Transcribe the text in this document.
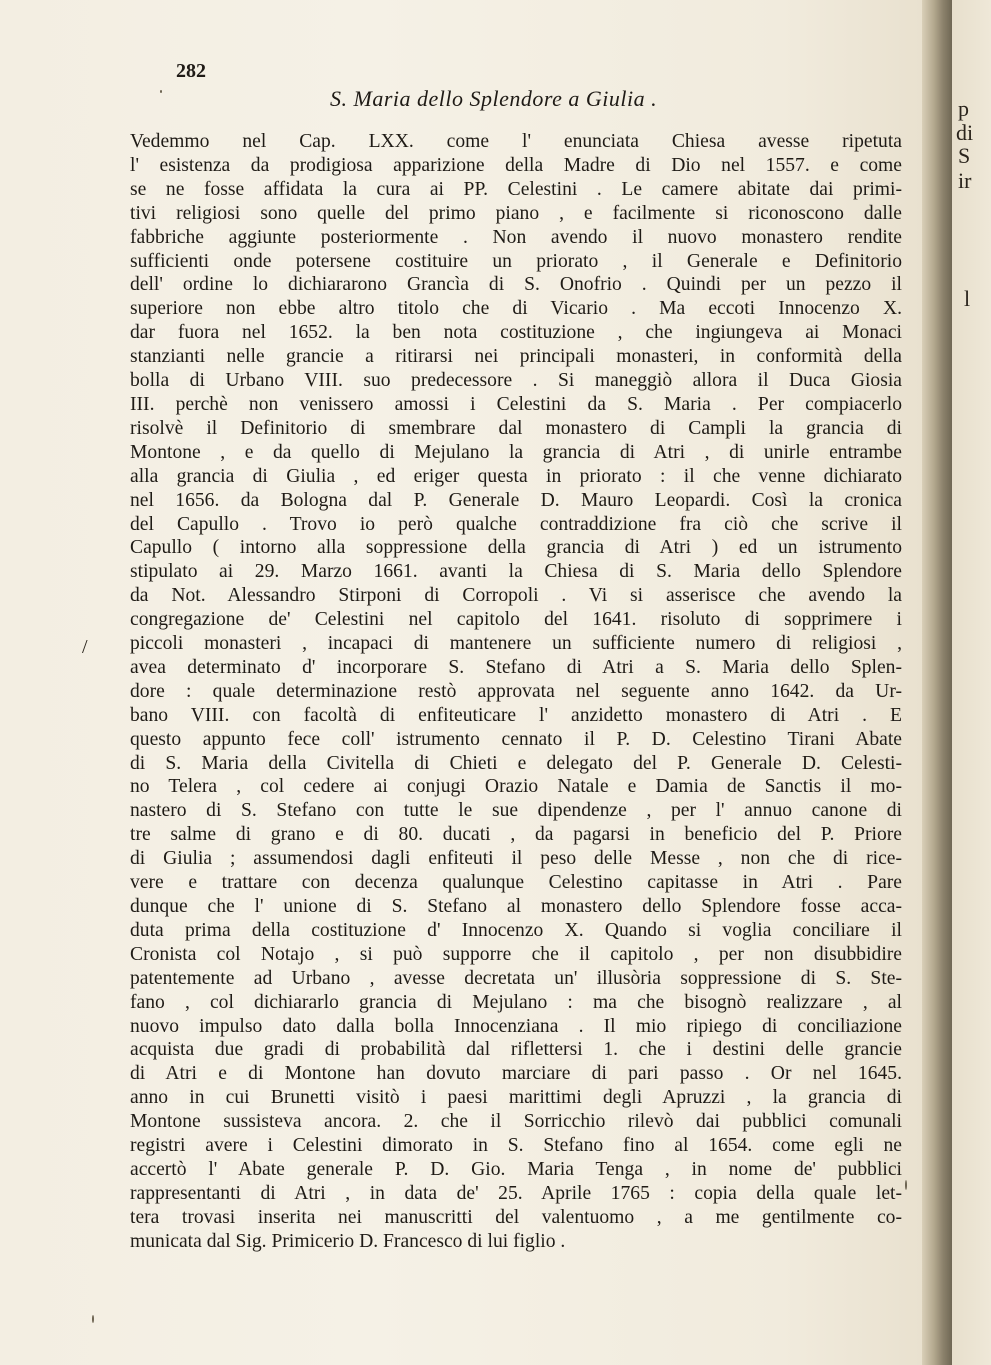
282
S. Maria dello Splendore a Giulia .
/
Vedemmo nel Cap. LXX. come l' enunciata Chiesa avesse ripetuta
l' esistenza da prodigiosa apparizione della Madre di Dio nel 1557. e come
se ne fosse affidata la cura ai PP. Celestini . Le camere abitate dai primi-
tivi religiosi sono quelle del primo piano , e facilmente si riconoscono dalle
fabbriche aggiunte posteriormente . Non avendo il nuovo monastero rendite
sufficienti onde potersene costituire un priorato , il Generale e Definitorio
dell' ordine lo dichiararono Grancìa di S. Onofrio . Quindi per un pezzo il
superiore non ebbe altro titolo che di Vicario . Ma eccoti Innocenzo X.
dar fuora nel 1652. la ben nota costituzione , che ingiungeva ai Monaci
stanzianti nelle grancie a ritirarsi nei principali monasteri, in conformità della
bolla di Urbano VIII. suo predecessore . Si maneggiò allora il Duca Giosia
III. perchè non venissero amossi i Celestini da S. Maria . Per compiacerlo
risolvè il Definitorio di smembrare dal monastero di Campli la grancia di
Montone , e da quello di Mejulano la grancia di Atri , di unirle entrambe
alla grancia di Giulia , ed eriger questa in priorato : il che venne dichiarato
nel 1656. da Bologna dal P. Generale D. Mauro Leopardi. Così la cronica
del Capullo . Trovo io però qualche contraddizione fra ciò che scrive il
Capullo ( intorno alla soppressione della grancia di Atri ) ed un istrumento
stipulato ai 29. Marzo 1661. avanti la Chiesa di S. Maria dello Splendore
da Not. Alessandro Stirponi di Corropoli . Vi si asserisce che avendo la
congregazione de' Celestini nel capitolo del 1641. risoluto di sopprimere i
piccoli monasteri , incapaci di mantenere un sufficiente numero di religiosi ,
avea determinato d' incorporare S. Stefano di Atri a S. Maria dello Splen-
dore : quale determinazione restò approvata nel seguente anno 1642. da Ur-
bano VIII. con facoltà di enfiteuticare l' anzidetto monastero di Atri . E
questo appunto fece coll' istrumento cennato il P. D. Celestino Tirani Abate
di S. Maria della Civitella di Chieti e delegato del P. Generale D. Celesti-
no Telera , col cedere ai conjugi Orazio Natale e Damia de Sanctis il mo-
nastero di S. Stefano con tutte le sue dipendenze , per l' annuo canone di
tre salme di grano e di 80. ducati , da pagarsi in beneficio del P. Priore
di Giulia ; assumendosi dagli enfiteuti il peso delle Messe , non che di rice-
vere e trattare con decenza qualunque Celestino capitasse in Atri . Pare
dunque che l' unione di S. Stefano al monastero dello Splendore fosse acca-
duta prima della costituzione d' Innocenzo X. Quando si voglia conciliare il
Cronista col Notajo , si può supporre che il capitolo , per non disubbidire
patentemente ad Urbano , avesse decretata un' illusòria soppressione di S. Ste-
fano , col dichiararlo grancia di Mejulano : ma che bisognò realizzare , al
nuovo impulso dato dalla bolla Innocenziana . Il mio ripiego di conciliazione
acquista due gradi di probabilità dal riflettersi 1. che i destini delle grancie
di Atri e di Montone han dovuto marciare di pari passo . Or nel 1645.
anno in cui Brunetti visitò i paesi marittimi degli Apruzzi , la grancia di
Montone sussisteva ancora. 2. che il Sorricchio rilevò dai pubblici comunali
registri avere i Celestini dimorato in S. Stefano fino al 1654. come egli ne
accertò l' Abate generale P. D. Gio. Maria Tenga , in nome de' pubblici
rappresentanti di Atri , in data de' 25. Aprile 1765 : copia della quale let-
tera trovasi inserita nei manuscritti del valentuomo , a me gentilmente co-
municata dal Sig. Primicerio D. Francesco di lui figlio .
p
di
S
ir
l
